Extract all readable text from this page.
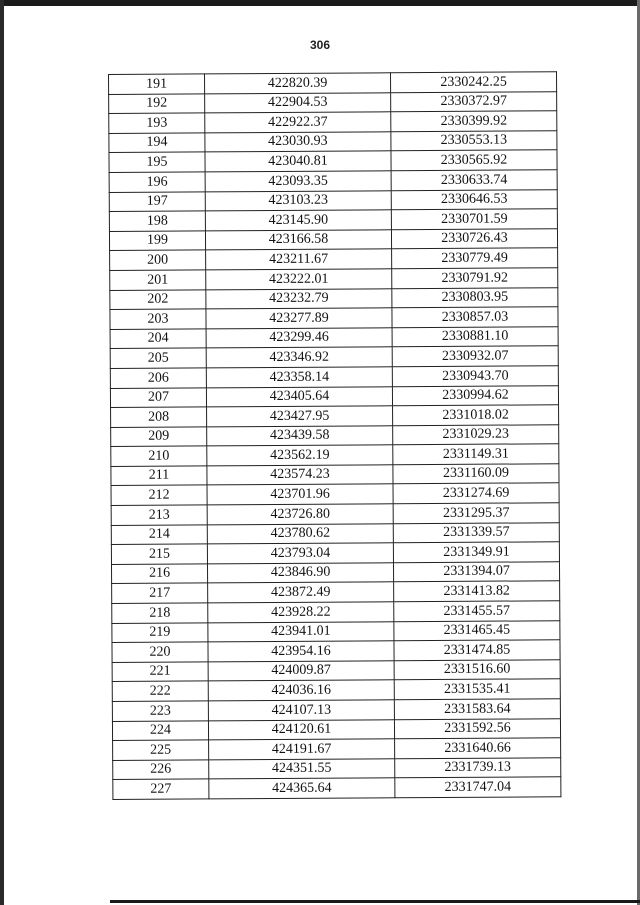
306
191	422820.39	2330242.25
192	422904.53	2330372.97
193	422922.37	2330399.92
194	423030.93	2330553.13
195	423040.81	2330565.92
196	423093.35	2330633.74
197	423103.23	2330646.53
198	423145.90	2330701.59
199	423166.58	2330726.43
200	423211.67	2330779.49
201	423222.01	2330791.92
202	423232.79	2330803.95
203	423277.89	2330857.03
204	423299.46	2330881.10
205	423346.92	2330932.07
206	423358.14	2330943.70
207	423405.64	2330994.62
208	423427.95	2331018.02
209	423439.58	2331029.23
210	423562.19	2331149.31
211	423574.23	2331160.09
212	423701.96	2331274.69
213	423726.80	2331295.37
214	423780.62	2331339.57
215	423793.04	2331349.91
216	423846.90	2331394.07
217	423872.49	2331413.82
218	423928.22	2331455.57
219	423941.01	2331465.45
220	423954.16	2331474.85
221	424009.87	2331516.60
222	424036.16	2331535.41
223	424107.13	2331583.64
224	424120.61	2331592.56
225	424191.67	2331640.66
226	424351.55	2331739.13
227	424365.64	2331747.04
